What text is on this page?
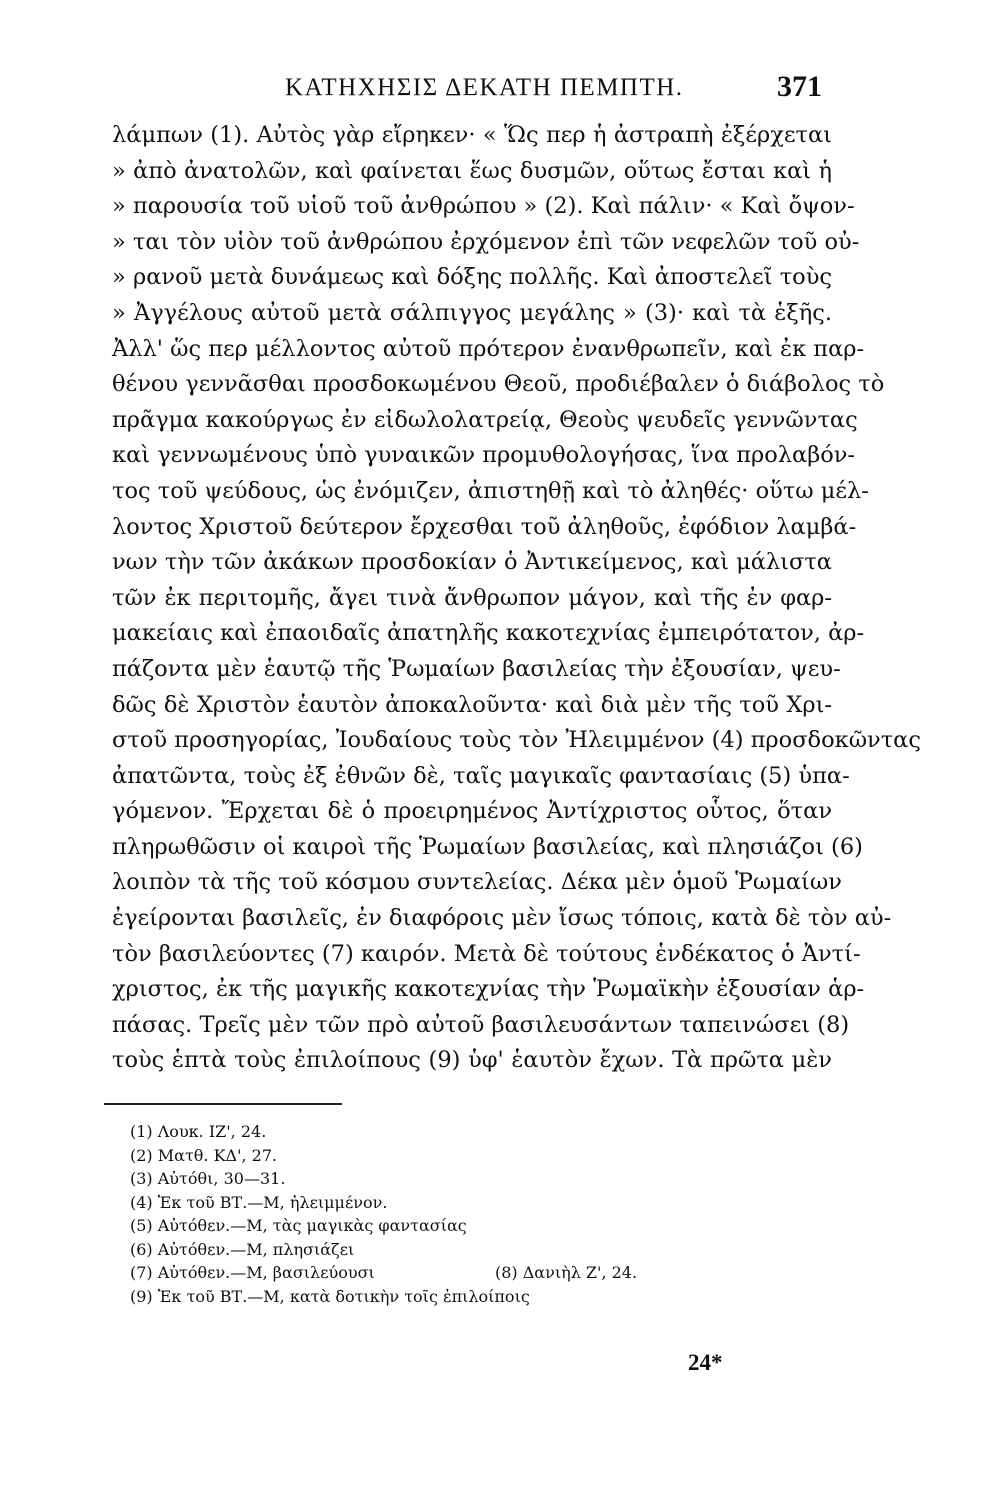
ΚΑΤΗΧΗΣΙΣ ΔΕΚΑΤΗ ΠΕΜΠΤΗ.	371
λάμπων (1). Αὐτὸς γὰρ εἴρηκεν· « Ὥς περ ἡ ἀστραπὴ ἐξέρχεται
» ἀπὸ ἀνατολῶν, καὶ φαίνεται ἕως δυσμῶν, οὕτως ἔσται καὶ ἡ
» παρουσία τοῦ υἱοῦ τοῦ ἀνθρώπου » (2). Καὶ πάλιν· « Καὶ ὄψον-
» ται τὸν υἱὸν τοῦ ἀνθρώπου ἐρχόμενον ἐπὶ τῶν νεφελῶν τοῦ οὐ-
» ρανοῦ μετὰ δυνάμεως καὶ δόξης πολλῆς. Καὶ ἀποστελεῖ τοὺς
» Ἀγγέλους αὐτοῦ μετὰ σάλπιγγος μεγάλης » (3)· καὶ τὰ ἑξῆς.
Ἀλλ' ὥς περ μέλλοντος αὐτοῦ πρότερον ἐνανθρωπεῖν, καὶ ἐκ παρ-
θένου γεννᾶσθαι προσδοκωμένου Θεοῦ, προδιέβαλεν ὁ διάβολος τὸ
πρᾶγμα κακούργως ἐν εἰδωλολατρείᾳ, Θεοὺς ψευδεῖς γεννῶντας
καὶ γεννωμένους ὑπὸ γυναικῶν προμυθολογήσας, ἵνα προλαβόν-
τος τοῦ ψεύδους, ὡς ἐνόμιζεν, ἀπιστηθῇ καὶ τὸ ἀληθές· οὕτω μέλ-
λοντος Χριστοῦ δεύτερον ἔρχεσθαι τοῦ ἀληθοῦς, ἐφόδιον λαμβά-
νων τὴν τῶν ἀκάκων προσδοκίαν ὁ Ἀντικείμενος, καὶ μάλιστα
τῶν ἐκ περιτομῆς, ἄγει τινὰ ἄνθρωπον μάγον, καὶ τῆς ἐν φαρ-
μακείαις καὶ ἐπαοιδαῖς ἀπατηλῆς κακοτεχνίας ἐμπειρότατον, ἀρ-
πάζοντα μὲν ἑαυτῷ τῆς Ῥωμαίων βασιλείας τὴν ἐξουσίαν, ψευ-
δῶς δὲ Χριστὸν ἑαυτὸν ἀποκαλοῦντα· καὶ διὰ μὲν τῆς τοῦ Χρι-
στοῦ προσηγορίας, Ἰουδαίους τοὺς τὸν Ἠλειμμένον (4) προσδοκῶντας
ἀπατῶντα, τοὺς ἐξ ἐθνῶν δὲ, ταῖς μαγικαῖς φαντασίαις (5) ὑπα-
γόμενον. Ἔρχεται δὲ ὁ προειρημένος Ἀντίχριστος οὗτος, ὅταν
πληρωθῶσιν οἱ καιροὶ τῆς Ῥωμαίων βασιλείας, καὶ πλησιάζοι (6)
λοιπὸν τὰ τῆς τοῦ κόσμου συντελείας. Δέκα μὲν ὁμοῦ Ῥωμαίων
ἐγείρονται βασιλεῖς, ἐν διαφόροις μὲν ἴσως τόποις, κατὰ δὲ τὸν αὐ-
τὸν βασιλεύοντες (7) καιρόν. Μετὰ δὲ τούτους ἑνδέκατος ὁ Ἀντί-
χριστος, ἐκ τῆς μαγικῆς κακοτεχνίας τὴν Ῥωμαϊκὴν ἐξουσίαν ἁρ-
πάσας. Τρεῖς μὲν τῶν πρὸ αὐτοῦ βασιλευσάντων ταπεινώσει (8)
τοὺς ἑπτὰ τοὺς ἐπιλοίπους (9) ὑφ' ἑαυτὸν ἔχων. Τὰ πρῶτα μὲν
(1) Λουκ. ΙΖ', 24.
(2) Ματθ. ΚΔ', 27.
(3) Αὐτόθι, 30—31.
(4) Ἐκ τοῦ ΒΤ.—Μ, ἠλειμμένον.
(5) Αὐτόθεν.—Μ, τὰς μαγικὰς φαντασίας
(6) Αὐτόθεν.—Μ, πλησιάζει
(7) Αὐτόθεν.—Μ, βασιλεύουσι	(8) Δανιὴλ Ζ', 24.
(9) Ἐκ τοῦ ΒΤ.—Μ, κατὰ δοτικὴν τοῖς ἐπιλοίποις
24*
